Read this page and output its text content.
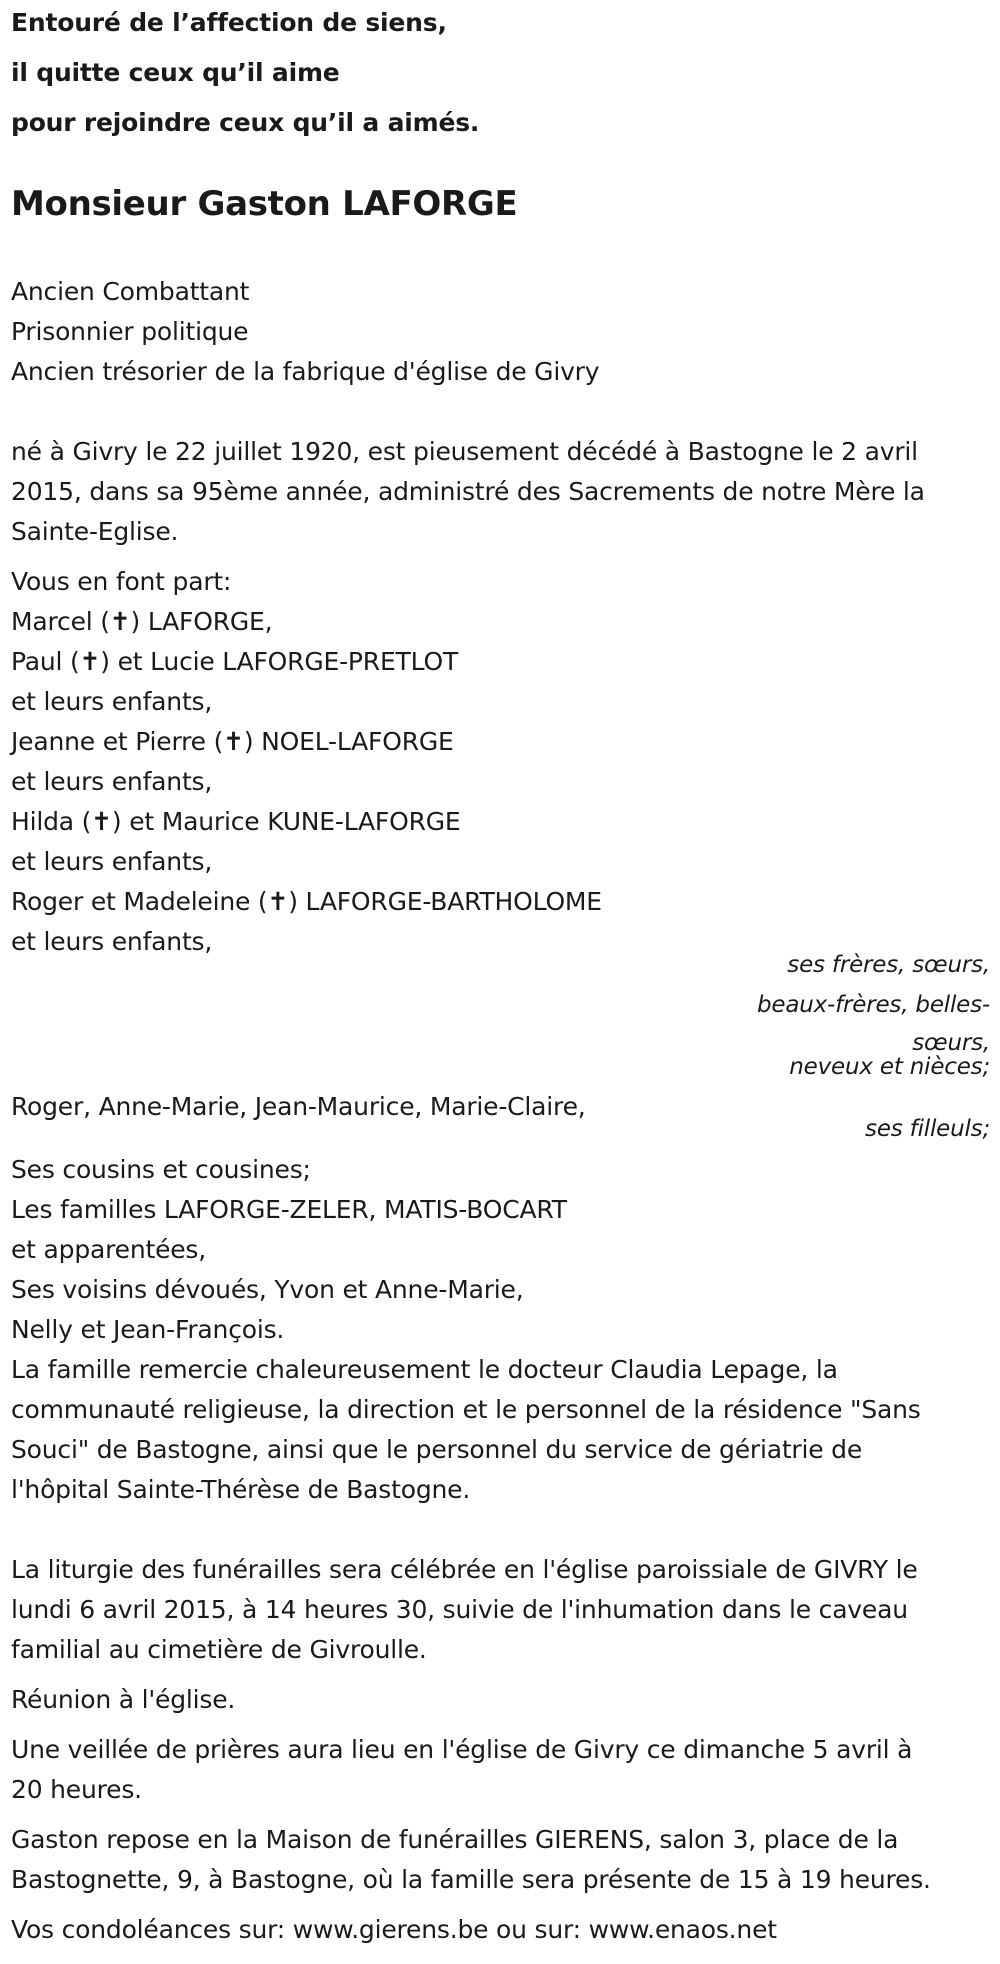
Entouré de l’affection de siens,
il quitte ceux qu’il aime
pour rejoindre ceux qu’il a aimés.
Monsieur Gaston LAFORGE
Ancien Combattant
Prisonnier politique
Ancien trésorier de la fabrique d'église de Givry
né à Givry le 22 juillet 1920, est pieusement décédé à Bastogne le 2 avril
2015, dans sa 95ème année, administré des Sacrements de notre Mère la
Sainte-Eglise.
Vous en font part:
Marcel (✝) LAFORGE,
Paul (✝) et Lucie LAFORGE-PRETLOT
et leurs enfants,
Jeanne et Pierre (✝) NOEL-LAFORGE
et leurs enfants,
Hilda (✝) et Maurice KUNE-LAFORGE
et leurs enfants,
Roger et Madeleine (✝) LAFORGE-BARTHOLOME
et leurs enfants,
ses frères, sœurs,
beaux-frères, belles-
sœurs,
neveux et nièces;
Roger, Anne-Marie, Jean-Maurice, Marie-Claire,
ses filleuls;
Ses cousins et cousines;
Les familles LAFORGE-ZELER, MATIS-BOCART
et apparentées,
Ses voisins dévoués, Yvon et Anne-Marie,
Nelly et Jean-François.
La famille remercie chaleureusement le docteur Claudia Lepage, la
communauté religieuse, la direction et le personnel de la résidence "Sans
Souci" de Bastogne, ainsi que le personnel du service de gériatrie de
l'hôpital Sainte-Thérèse de Bastogne.
La liturgie des funérailles sera célébrée en l'église paroissiale de GIVRY le
lundi 6 avril 2015, à 14 heures 30, suivie de l'inhumation dans le caveau
familial au cimetière de Givroulle.
Réunion à l'église.
Une veillée de prières aura lieu en l'église de Givry ce dimanche 5 avril à
20 heures.
Gaston repose en la Maison de funérailles GIERENS, salon 3, place de la
Bastognette, 9, à Bastogne, où la famille sera présente de 15 à 19 heures.
Vos condoléances sur: www.gierens.be ou sur: www.enaos.net
